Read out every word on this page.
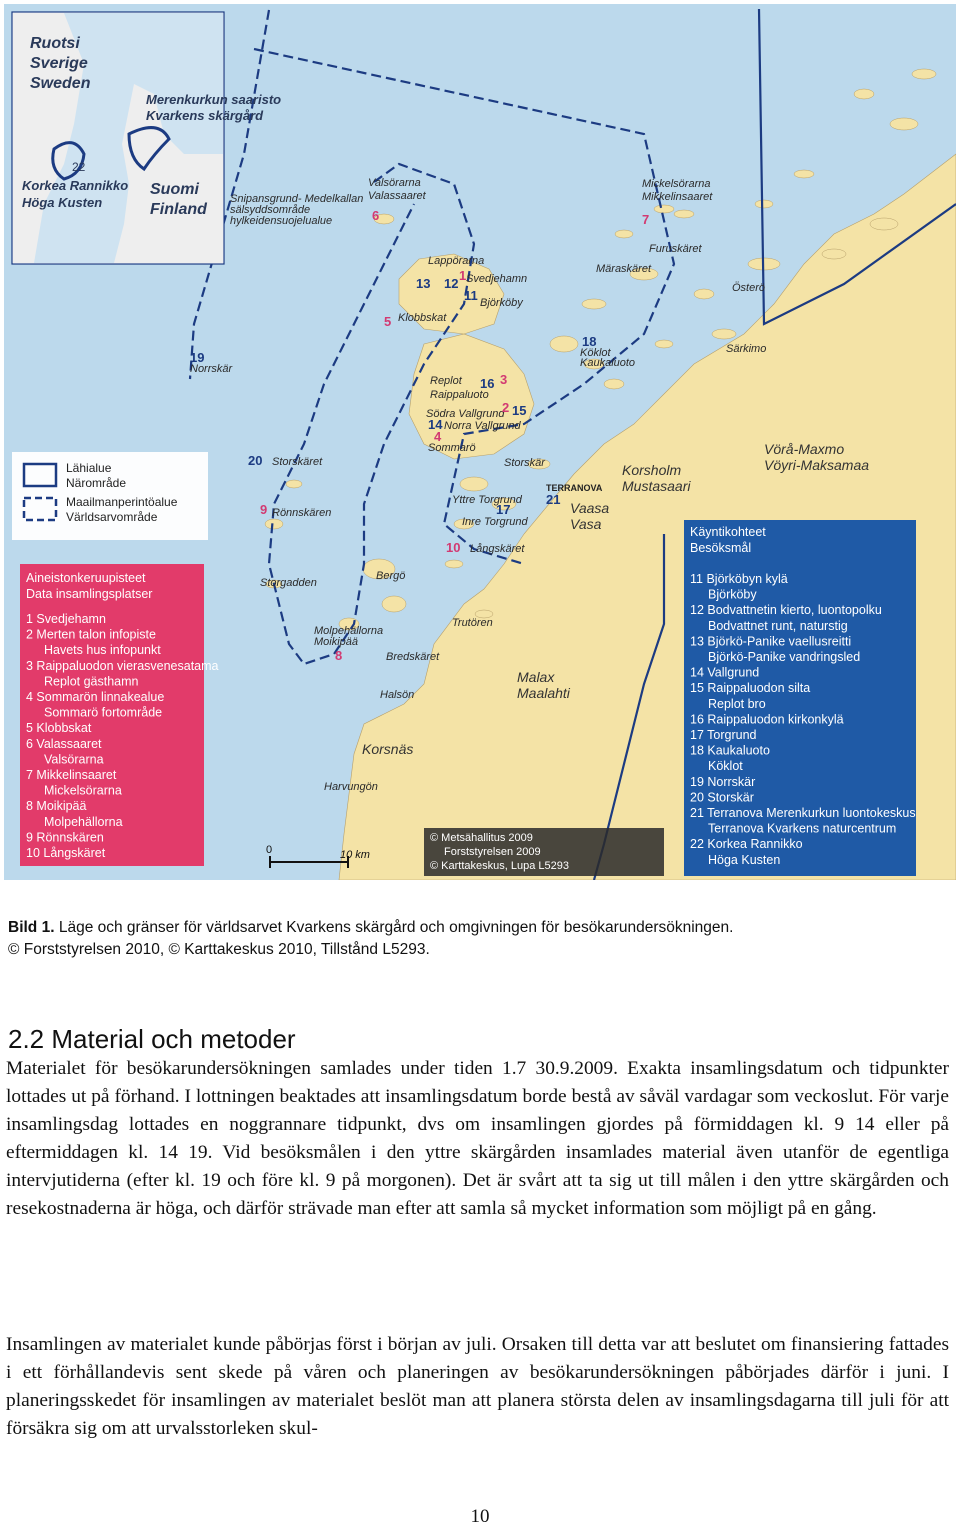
Ruotsi Sverige Sweden
Merenkurkun saaristo Kvarkens skärgård
Suomi Finland
22
Korkea Rannikko Höga Kusten	Snipansgrund- Medelkallan sälsyddsområde hylkeidensuojelualue
Valsörarna Valassaaret
Mickelsörarna Mikkelinsaaret
Furuskäret
Märaskäret
Österö
Lappörarna
Svedjehamn
Björköby
Klobbskat
Köklot Kaukaluoto
Särkimo
Norrskär
Replot Raippaluoto
Södra Vallgrund
Norra Vallgrund
Sommarö
Storskäret	Storskär
Vörå-Maxmo Vöyri-Maksamaa
Korsholm Mustasaari
TERRANOVA
Vaasa Vasa
Yttre Torgrund
Inre Torgrund
Rönnskären
Långskäret
Storgadden
Bergö
Trutören
Molpehällorna Moikipää
Bredskäret
Malax Maalahti
Halsön
Korsnäs
Harvungön
1
2
3
4
5
6	7
8
9
10
11
12
13
14
15
16
17
18
19
20
21
Lähialue Närområde
Maailmanperintöalue Världsarvområde
Aineistonkeruupisteet Data insamlingsplatser
1 Svedjehamn 2 Merten talon infopiste Havets hus infopunkt 3 Raippaluodon vierasvenesatama Replot gästhamn 4 Sommarön linnakealue Sommarö fortområde 5 Klobbskat 6 Valassaaret Valsörarna 7 Mikkelinsaaret Mickelsörarna 8 Moikipää Molpehällorna 9 Rönnskären 10 Långskäret
Käyntikohteet Besöksmål
11 Björköbyn kylä Björköby 12 Bodvattnetin kierto, luontopolku Bodvattnet runt, naturstig 13 Björkö-Panike vaellusreitti Björkö-Panike vandringsled 14 Vallgrund 15 Raippaluodon silta Replot bro 16 Raippaluodon kirkonkylä 17 Torgrund 18 Kaukaluoto Köklot 19 Norrskär 20 Storskär 21 Terranova Merenkurkun luontokeskus Terranova Kvarkens naturcentrum 22 Korkea Rannikko Höga Kusten
© Metsähallitus 2009 Forststyrelsen 2009 © Karttakeskus, Lupa L5293
0	10 km
Bild 1. Läge och gränser för världsarvet Kvarkens skärgård och omgivningen för besökarundersökningen.
© Forststyrelsen 2010, © Karttakeskus 2010, Tillstånd L5293.
2.2 Material och metoder

Materialet för besökarundersökningen samlades under tiden 1.7 30.9.2009. Exakta insamlingsdatum och tidpunkter lottades ut på förhand. I lottningen beaktades att insamlingsdatum borde bestå av såväl vardagar som veckoslut. För varje insamlingsdag lottades en noggrannare tidpunkt, dvs om insamlingen gjordes på förmiddagen kl. 9 14 eller på eftermiddagen kl. 14 19. Vid besöksmålen i den yttre skärgården insamlades material även utanför de egentliga intervjutiderna (efter kl. 19 och före kl. 9 på morgonen). Det är svårt att ta sig ut till målen i den yttre skärgården och resekostnaderna är höga, och därför strävade man efter att samla så mycket information som möjligt på en gång.

Insamlingen av materialet kunde påbörjas först i början av juli. Orsaken till detta var att beslutet om finansiering fattades i ett förhållandevis sent skede på våren och planeringen av besökarundersökningen påbörjades därför i juni. I planeringsskedet för insamlingen av materialet beslöt man att planera största delen av insamlingsdagarna till juli för att försäkra sig om att urvalsstorleken skul-

10
